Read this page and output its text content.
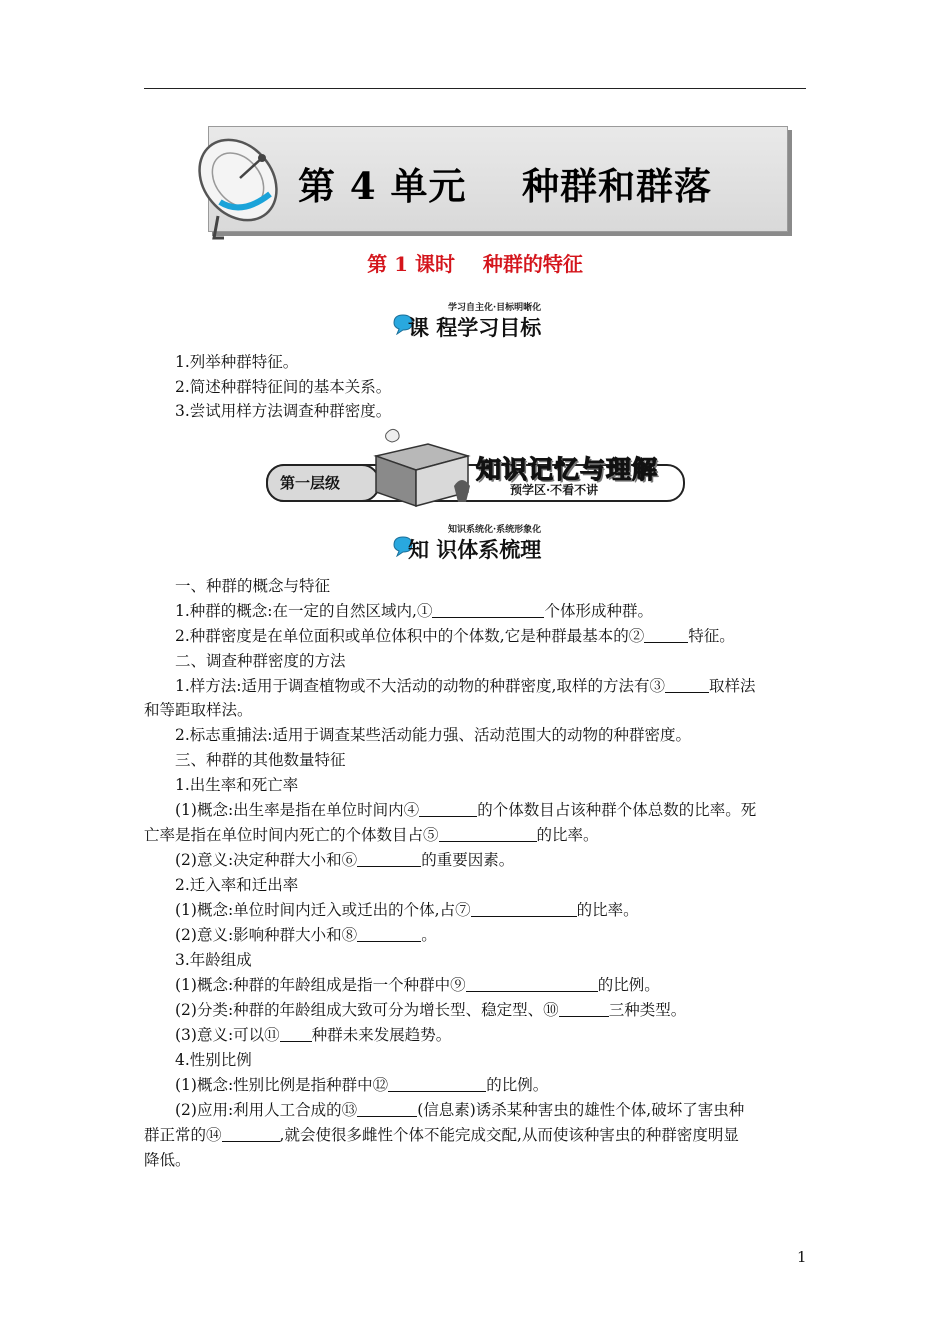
第 4 单元    种群和群落
第 1 课时    种群的特征
学习自主化·目标明晰化
课 程学习目标
1.列举种群特征。
2.简述种群特征间的基本关系。
3.尝试用样方法调查种群密度。
第一层级	知识记忆与理解
预学区·不看不讲
知识系统化·系统形象化
知 识体系梳理
一、种群的概念与特征
1.种群的概念:在一定的自然区域内,①	个体形成种群。
2.种群密度是在单位面积或单位体积中的个体数,它是种群最基本的②	特征。
二、调查种群密度的方法
1.样方法:适用于调查植物或不大活动的动物的种群密度,取样的方法有③	取样法
和等距取样法。
2.标志重捕法:适用于调查某些活动能力强、活动范围大的动物的种群密度。
三、种群的其他数量特征
1.出生率和死亡率
(1)概念:出生率是指在单位时间内④	的个体数目占该种群个体总数的比率。死
亡率是指在单位时间内死亡的个体数目占⑤	的比率。
(2)意义:决定种群大小和⑥	的重要因素。
2.迁入率和迁出率
(1)概念:单位时间内迁入或迁出的个体,占⑦	的比率。
(2)意义:影响种群大小和⑧	。
3.年龄组成
(1)概念:种群的年龄组成是指一个种群中⑨	的比例。
(2)分类:种群的年龄组成大致可分为增长型、稳定型、⑩	三种类型。
(3)意义:可以⑪ 种群未来发展趋势。
4.性别比例
(1)概念:性别比例是指种群中⑫	的比例。
(2)应用:利用人工合成的⑬	(信息素)诱杀某种害虫的雄性个体,破坏了害虫种
群正常的⑭	,就会使很多雌性个体不能完成交配,从而使该种害虫的种群密度明显
降低。
1
